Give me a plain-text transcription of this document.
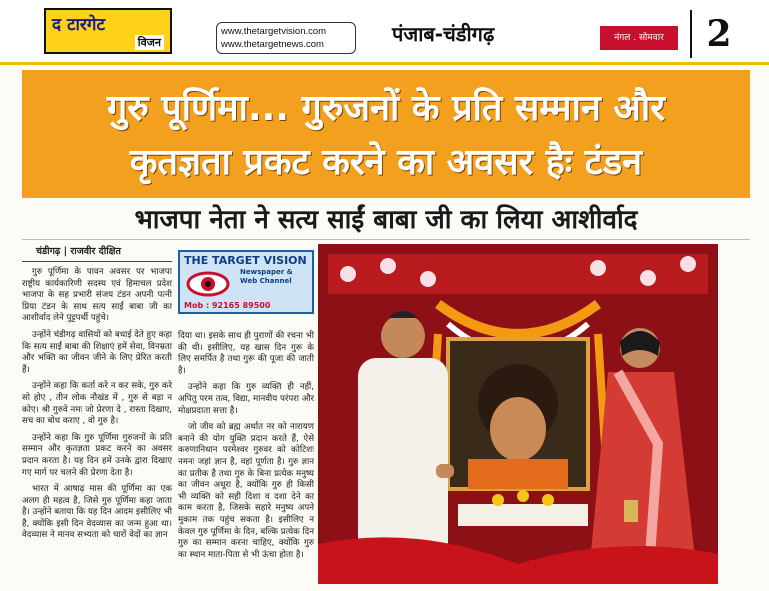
द टारगेट
विजन
www.thetargetvision.com
www.thetargetnews.com	पंजाब-चंडीगढ़	नंगल . सोमवार	2
गुरु पूर्णिमा... गुरुजनों के प्रति सम्मान और
कृतज्ञता प्रकट करने का अवसर हैः टंडन
भाजपा नेता ने सत्य साईं बाबा जी का लिया आशीर्वाद
चंडीगढ़ | राजवीर दीक्षित

गुरु पूर्णिमा के पावन अवसर पर भाजपा राष्ट्रीय कार्यकारिणी सदस्य एवं हिमाचल प्रदेश भाजपा के सह प्रभारी संजय टंडन अपनी पत्नी प्रिया टंडन के साथ सत्य साईं बाबा जी का आशीर्वाद लेने पुट्टपर्थी पहुंचे।

उन्होंने चंडीगढ़ वासियों को बधाई देते हुए कहा कि सत्य साईं बाबा की शिक्षाएं हमें सेवा, विनम्रता और भक्ति का जीवन जीने के लिए प्रेरित करती हैं।

उन्होंने कहा कि कर्ता करे न कर सके, गुरु करे सो होए , तीन लोक नौखंड में , गुरु से बड़ा न कोए। श्री गुरुवे नमः जो प्रेरणा दे , रास्ता दिखाए, सच का बोध कराए , वो गुरु है।

उन्होंने कहा कि गुरु पूर्णिमा गुरुजनों के प्रति सम्मान और कृतज्ञता प्रकट करने का अवसर प्रदान करता है। यह दिन हमें उनके द्वारा दिखाए गए मार्ग पर चलने की प्रेरणा देता है।

भारत में आषाढ़ मास की पूर्णिमा का एक अलग ही महत्व है, जिसे गुरु पूर्णिमा कहा जाता है। उन्होंने बताया कि यह दिन आदम इसीलिए भी है, क्योंकि इसी दिन वेदव्यास का जन्म हुआ था। वेदव्यास ने मानव सभ्यता को चारों वेदों का ज्ञान

THE TARGET VISION
Newspaper & Web Channel
Mob : 92165 89500

दिया था। इसके साथ ही पुराणों की रचना भी की थी। इसीलिए, यह खास दिन गुरू के लिए समर्पित है तथा गुरू की पूजा की जाती है।

उन्होंने कहा कि गुरु व्यक्ति ही नहीं, अपितु परम तत्व, विद्या, मानवीय परंपरा और मोक्षप्रदाता सत्ता है।

जो जीव को ब्रह्म अर्थात नर को नारायण बनाने की योग युक्ति प्रदान करते हैं, ऐसे करुणानिधान परमेश्वर गुरुवर को कोटिशः नमनः जहां ज्ञान है, वहां पूर्णता है। गुरु ज्ञान का प्रतीक है तथा गुरु के बिना प्रत्येक मनुष्य का जीवन अधूरा है, क्योंकि गुरु ही किसी भी व्यक्ति को सही दिशा व दशा देने का काम करता है, जिसके सहारे मनुष्य अपने मुकाम तक पहुंच सकता है। इसीलिए न केवल गुरु पूर्णिमा के दिन, बल्कि प्रत्येक दिन गुरु का सम्मान करना चाहिए, क्योंकि गुरु का स्थान माता-पिता से भी ऊंचा होता है।
